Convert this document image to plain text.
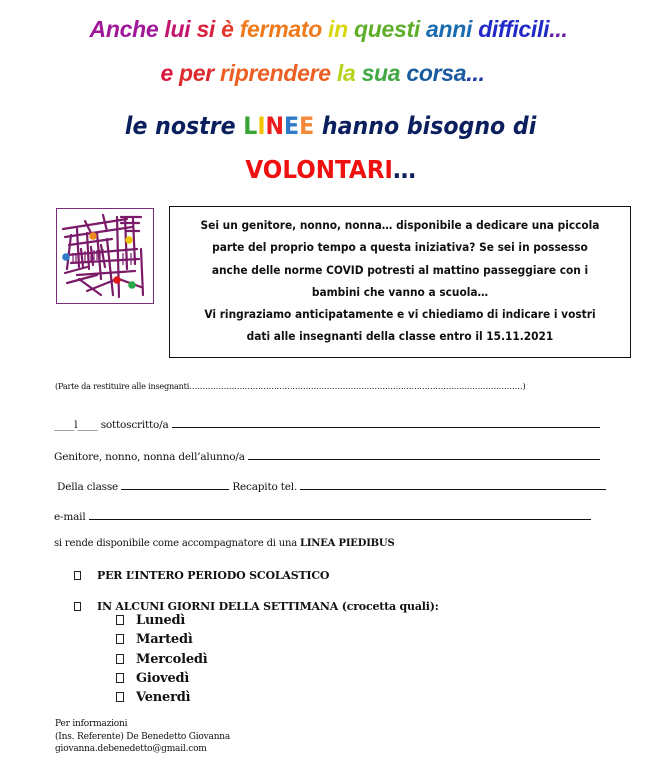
Anche lui si è fermato in questi anni difficili...
e per riprendere la sua corsa...
le nostre LINEE hanno bisogno di
VOLONTARI…
Sei un genitore, nonno, nonna… disponibile a dedicare una piccola
parte del proprio tempo a questa iniziativa? Se sei in possesso
anche delle norme COVID potresti al mattino passeggiare con i
bambini che vanno a scuola…
Vi ringraziamo anticipatamente e vi chiediamo di indicare i vostri
dati alle insegnanti della classe entro il 15.11.2021
(Parte da restituire alle insegnanti………………………………………………………………………………………………………………)
____l____ sottoscritto/a
Genitore, nonno, nonna dell’alunno/a
Della classe	Recapito tel.
e-mail
si rende disponibile come accompagnatore di una LINEA PIEDIBUS
PER L’INTERO PERIODO SCOLASTICO
IN ALCUNI GIORNI DELLA SETTIMANA (crocetta quali):
Lunedì
Martedì
Mercoledì
Giovedì
Venerdì
Per informazioni
(Ins. Referente) De Benedetto Giovanna
giovanna.debenedetto@gmail.com
